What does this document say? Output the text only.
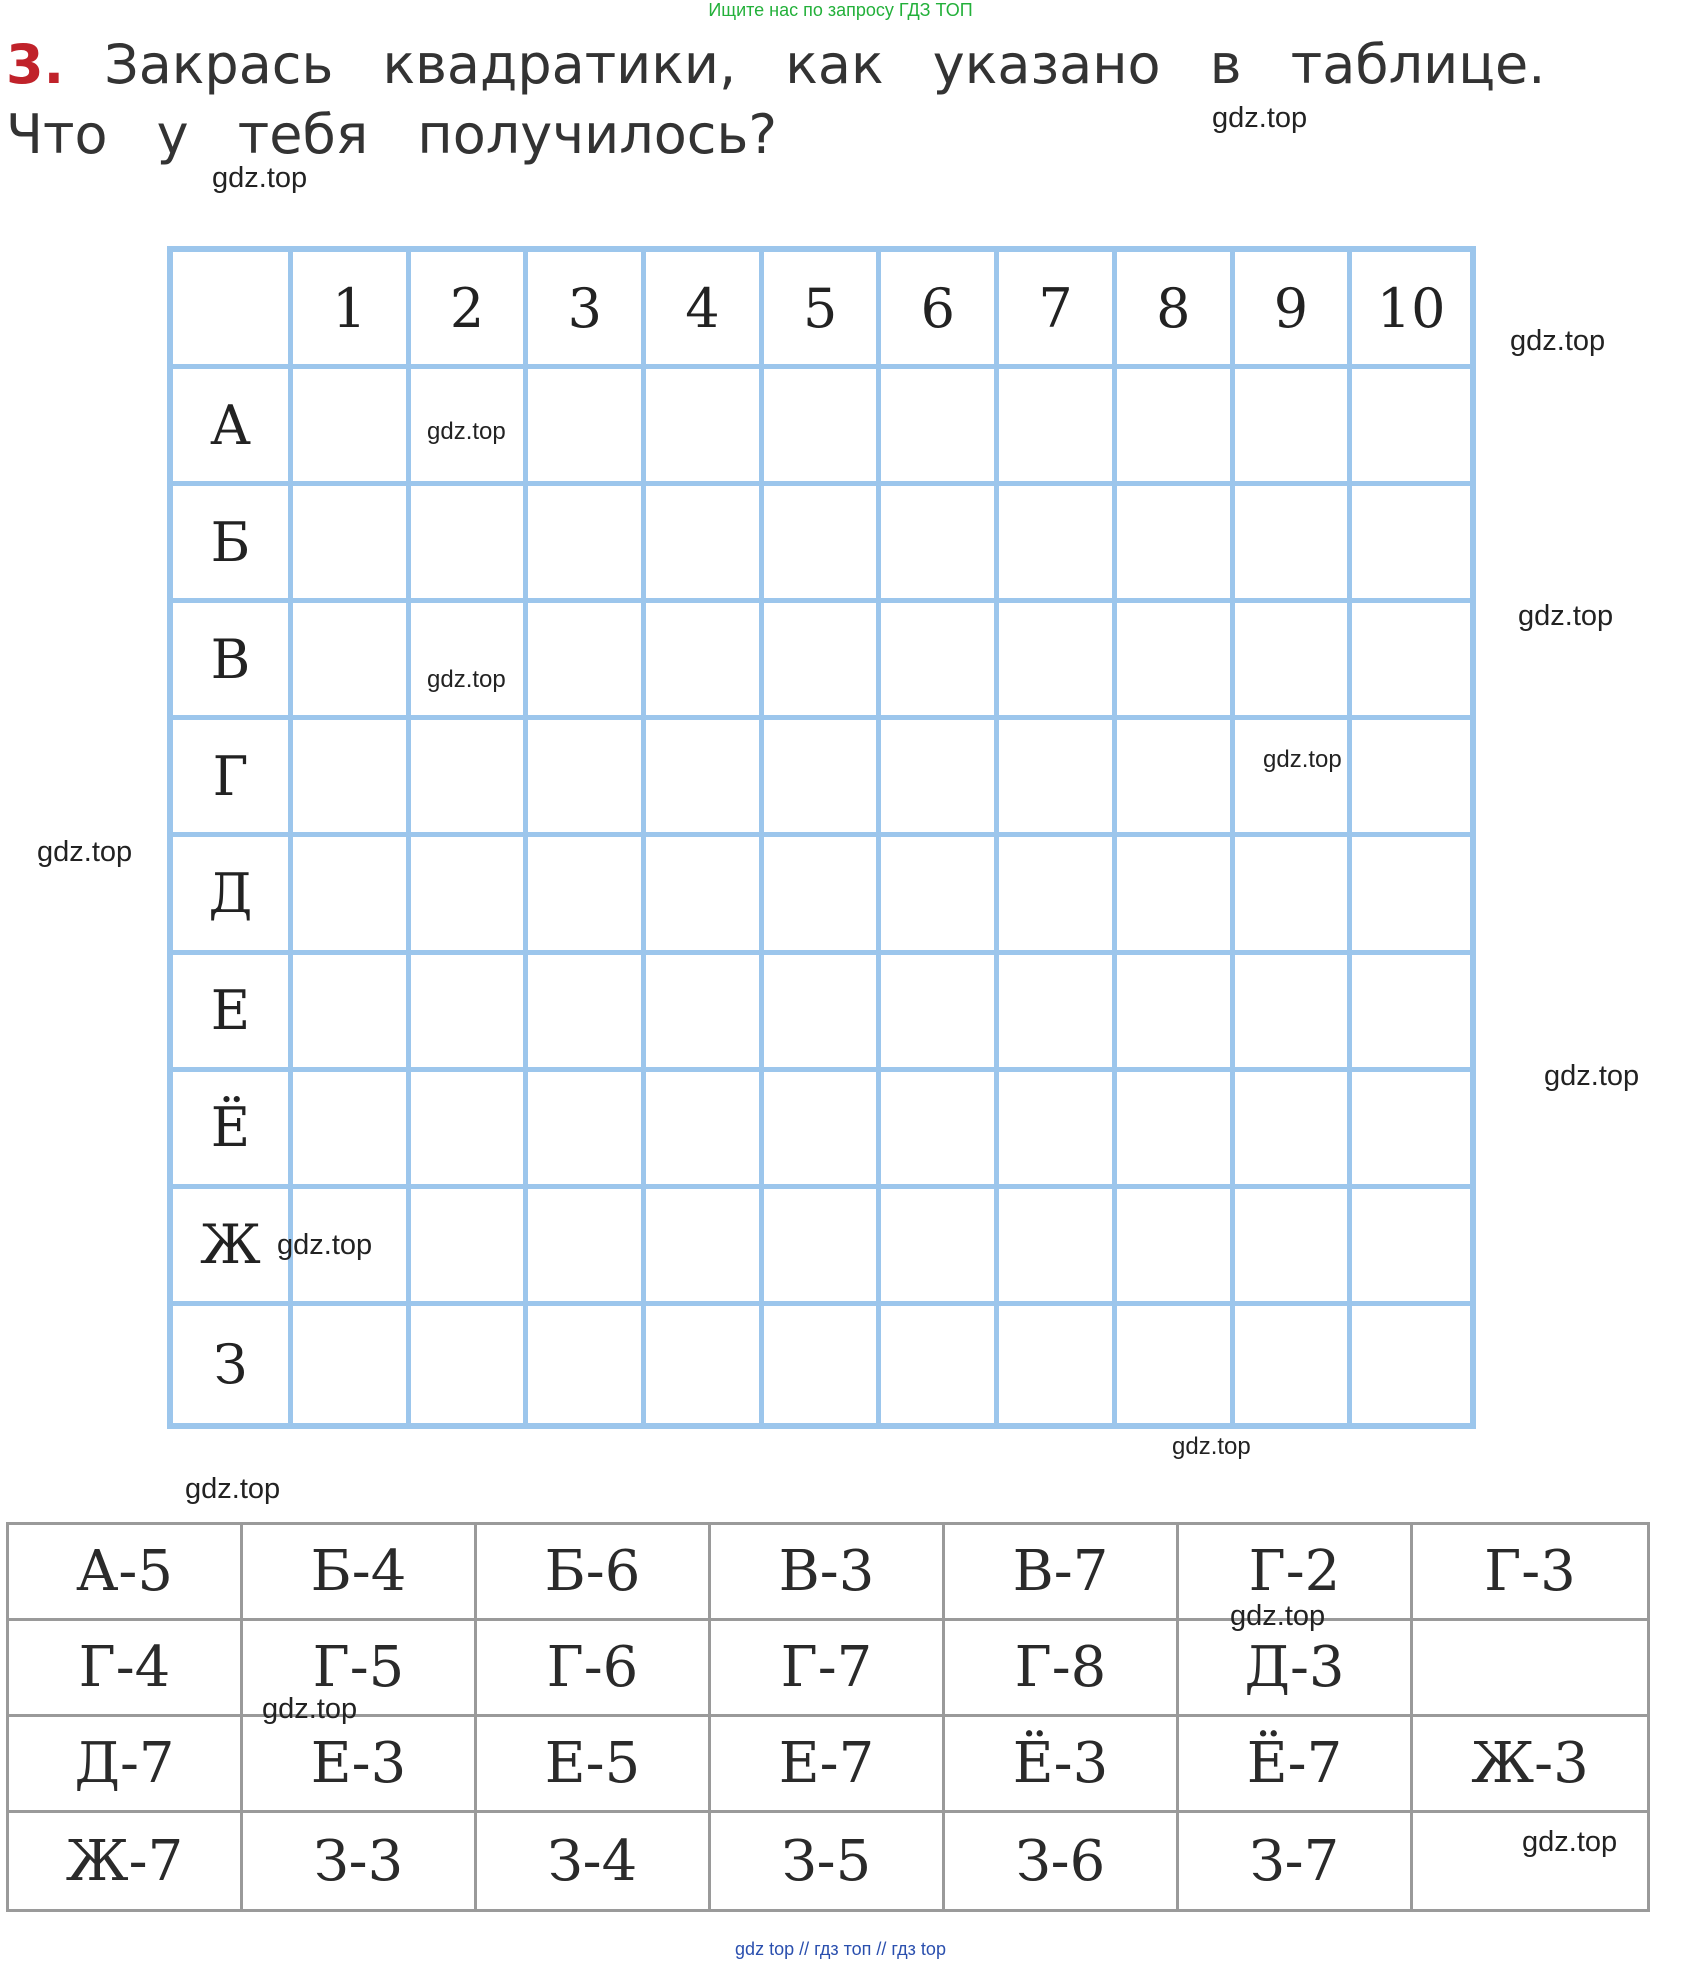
Ищите нас по запросу ГДЗ ТОП
3. Закрась квадратики, как указано в таблице.
Что у тебя получилось?
1	2	3	4	5	6	7	8	9	10
А
Б
В
Г
Д
Е
Ё
Ж
З
А-5	Б-4	Б-6	В-3	В-7	Г-2	Г-3
Г-4	Г-5	Г-6	Г-7	Г-8	Д-3
Д-7	Е-3	Е-5	Е-7	Ё-3	Ё-7	Ж-3
Ж-7	З-3	З-4	З-5	З-6	З-7
gdz.top
gdz.top
gdz.top
gdz.top
gdz.top
gdz.top
gdz.top
gdz.top
gdz.top
gdz.top
gdz.top
gdz.top
gdz.top
gdz.top
gdz.top
gdz top // гдз топ // гдз top
